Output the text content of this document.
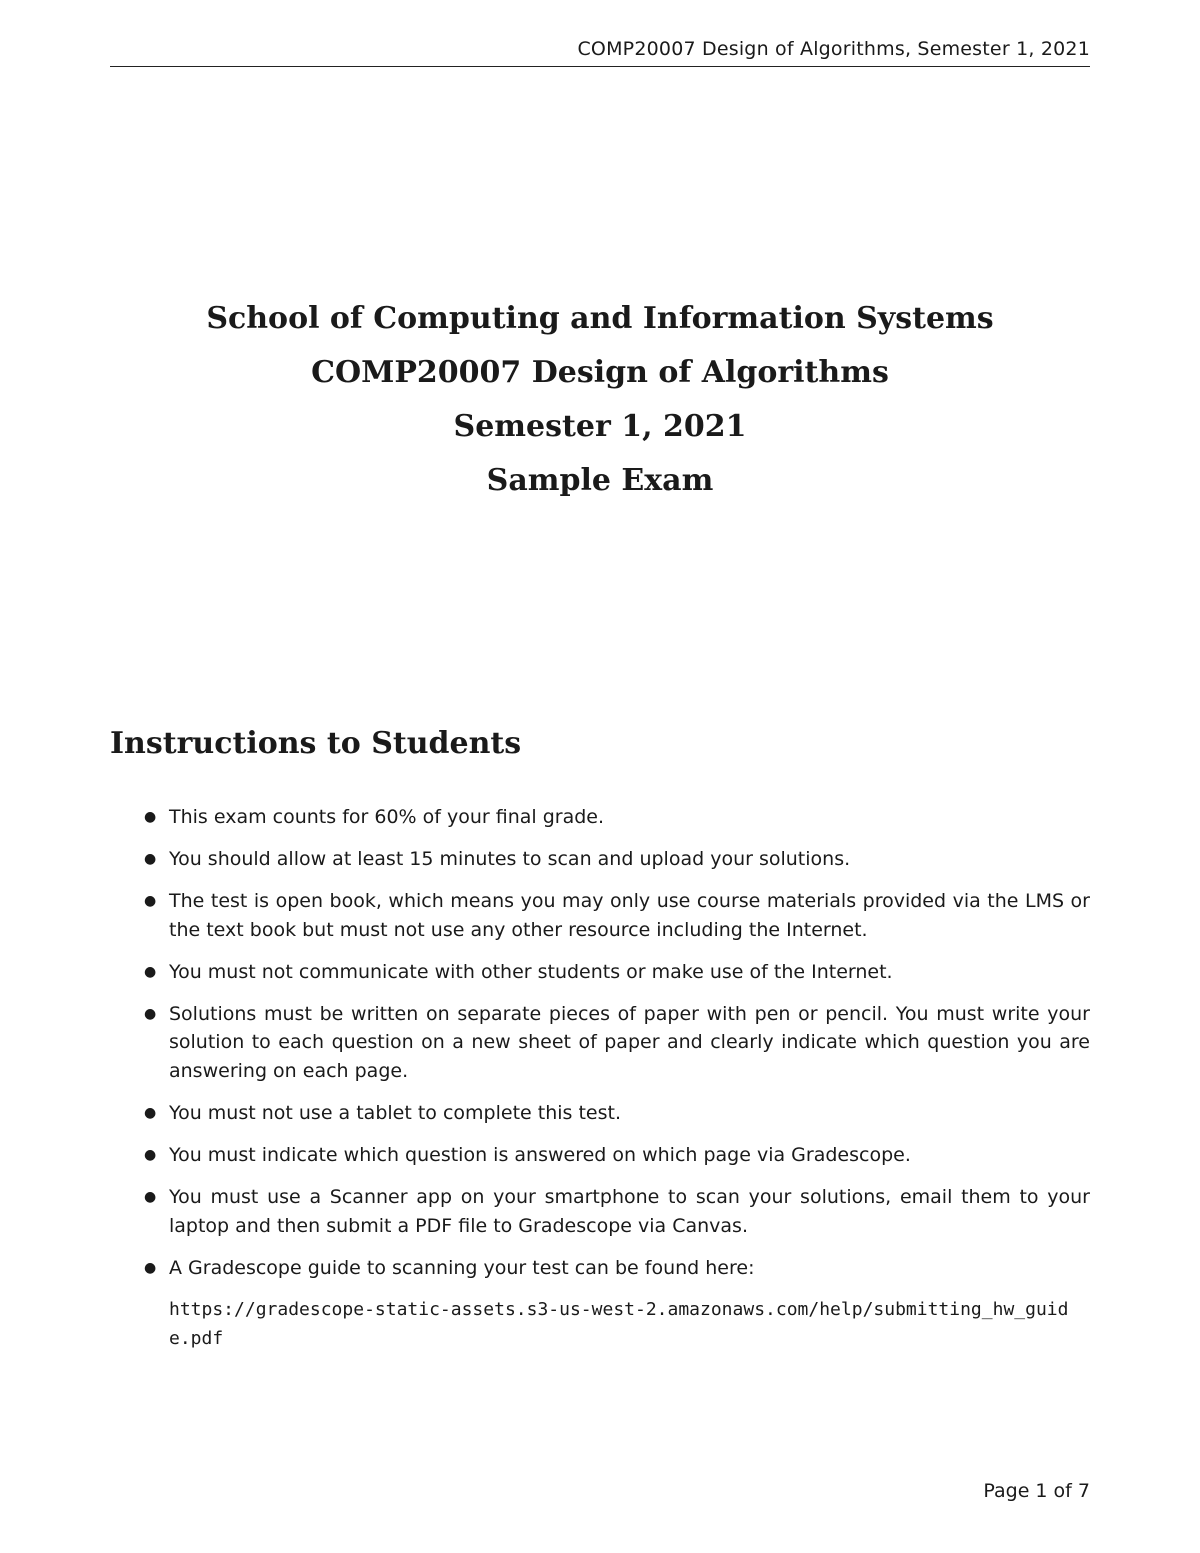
COMP20007 Design of Algorithms, Semester 1, 2021
School of Computing and Information Systems
COMP20007 Design of Algorithms
Semester 1, 2021
Sample Exam
Instructions to Students
● This exam counts for 60% of your final grade.
● You should allow at least 15 minutes to scan and upload your solutions.
● The test is open book, which means you may only use course materials provided via the LMS or the text book but must not use any other resource including the Internet.
● You must not communicate with other students or make use of the Internet.
● Solutions must be written on separate pieces of paper with pen or pencil. You must write your solution to each question on a new sheet of paper and clearly indicate which question you are answering on each page.
● You must not use a tablet to complete this test.
● You must indicate which question is answered on which page via Gradescope.
● You must use a Scanner app on your smartphone to scan your solutions, email them to your laptop and then submit a PDF file to Gradescope via Canvas.
● A Gradescope guide to scanning your test can be found here:
https://gradescope-static-assets.s3-us-west-2.amazonaws.com/help/submitting_hw_guide.pdf
Page 1 of 7
